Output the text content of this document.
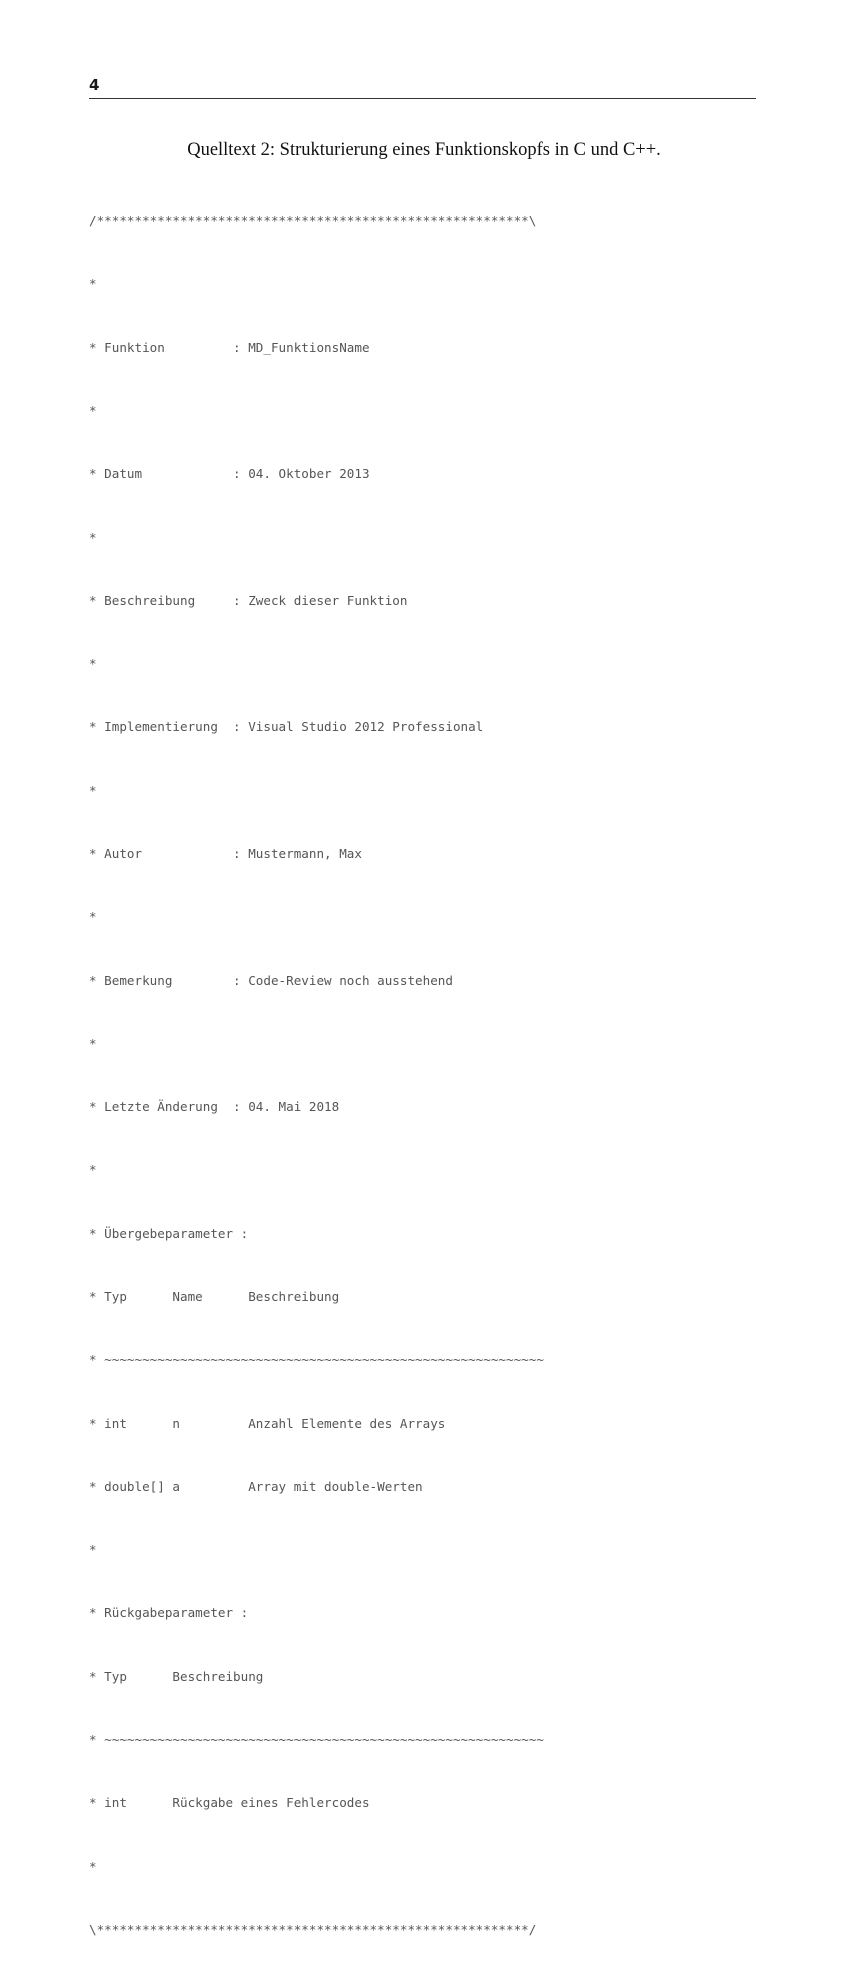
4
Quelltext 2: Strukturierung eines Funktionskopfs in C und C++.

/*********************************************************\

*

* Funktion         : MD_FunktionsName

*

* Datum            : 04. Oktober 2013

*

* Beschreibung     : Zweck dieser Funktion

*

* Implementierung  : Visual Studio 2012 Professional

*

* Autor            : Mustermann, Max

*

* Bemerkung        : Code-Review noch ausstehend

*

* Letzte Änderung  : 04. Mai 2018

*

* Übergebeparameter :

* Typ      Name      Beschreibung

* ~~~~~~~~~~~~~~~~~~~~~~~~~~~~~~~~~~~~~~~~~~~~~~~~~~~~~~~~~~

* int      n         Anzahl Elemente des Arrays

* double[] a         Array mit double-Werten

*

* Rückgabeparameter :

* Typ      Beschreibung

* ~~~~~~~~~~~~~~~~~~~~~~~~~~~~~~~~~~~~~~~~~~~~~~~~~~~~~~~~~~

* int      Rückgabe eines Fehlercodes

*

\*********************************************************/
